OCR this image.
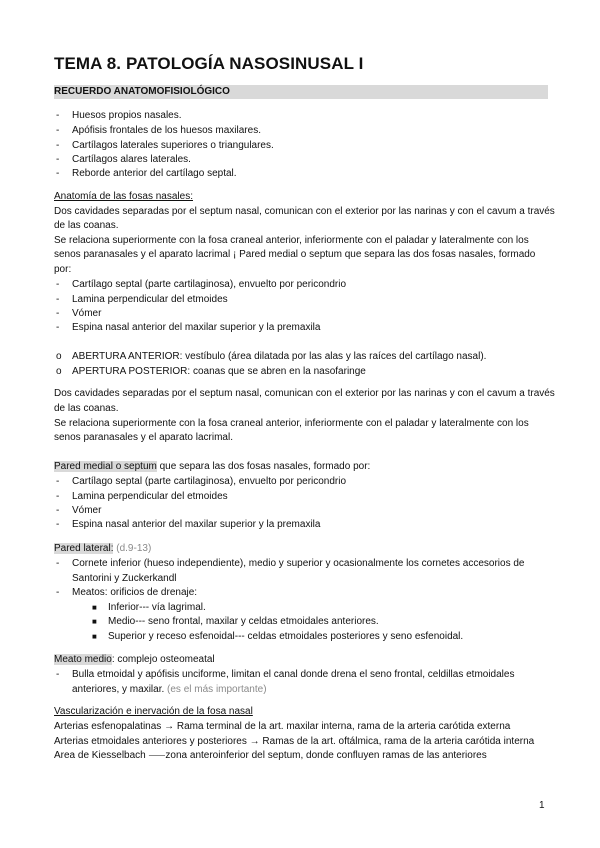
TEMA 8. PATOLOGÍA NASOSINUSAL I
RECUERDO ANATOMOFISIOLÓGICO
- Huesos propios nasales.
- Apófisis frontales de los huesos maxilares.
- Cartílagos laterales superiores o triangulares.
- Cartílagos alares laterales.
- Reborde anterior del cartílago septal.
Anatomía de las fosas nasales:
Dos cavidades separadas por el septum nasal, comunican con el exterior por las narinas y con el cavum a través
de las coanas.
Se relaciona superiormente con la fosa craneal anterior, inferiormente con el paladar y lateralmente con los
senos paranasales y el aparato lacrimal ¡ Pared medial o septum que separa las dos fosas nasales, formado
por:
- Cartílago septal (parte cartilaginosa), envuelto por pericondrio
- Lamina perpendicular del etmoides
- Vómer
- Espina nasal anterior del maxilar superior y la premaxila
o ABERTURA ANTERIOR: vestíbulo (área dilatada por las alas y las raíces del cartílago nasal).
o APERTURA POSTERIOR: coanas que se abren en la nasofaringe
Dos cavidades separadas por el septum nasal, comunican con el exterior por las narinas y con el cavum a través
de las coanas.
Se relaciona superiormente con la fosa craneal anterior, inferiormente con el paladar y lateralmente con los
senos paranasales y el aparato lacrimal.
Pared medial o septum que separa las dos fosas nasales, formado por:
- Cartílago septal (parte cartilaginosa), envuelto por pericondrio
- Lamina perpendicular del etmoides
- Vómer
- Espina nasal anterior del maxilar superior y la premaxila
Pared lateral: (d.9-13)
- Cornete inferior (hueso independiente), medio y superior y ocasionalmente los cornetes accesorios de
Santorini y Zuckerkandl
- Meatos: orificios de drenaje:
■ Inferior--- vía lagrimal.
■ Medio--- seno frontal, maxilar y celdas etmoidales anteriores.
■ Superior y receso esfenoidal--- celdas etmoidales posteriores y seno esfenoidal.
Meato medio: complejo osteomeatal
- Bulla etmoidal y apófisis unciforme, limitan el canal donde drena el seno frontal, celdillas etmoidales
anteriores, y maxilar. (es el más importante)
Vascularización e inervación de la fosa nasal
Arterias esfenopalatinas → Rama terminal de la art. maxilar interna, rama de la arteria carótida externa
Arterias etmoidales anteriores y posteriores → Ramas de la art. oftálmica, rama de la arteria carótida interna
Area de Kiesselbach ⸺zona anteroinferior del septum, donde confluyen ramas de las anteriores
1
